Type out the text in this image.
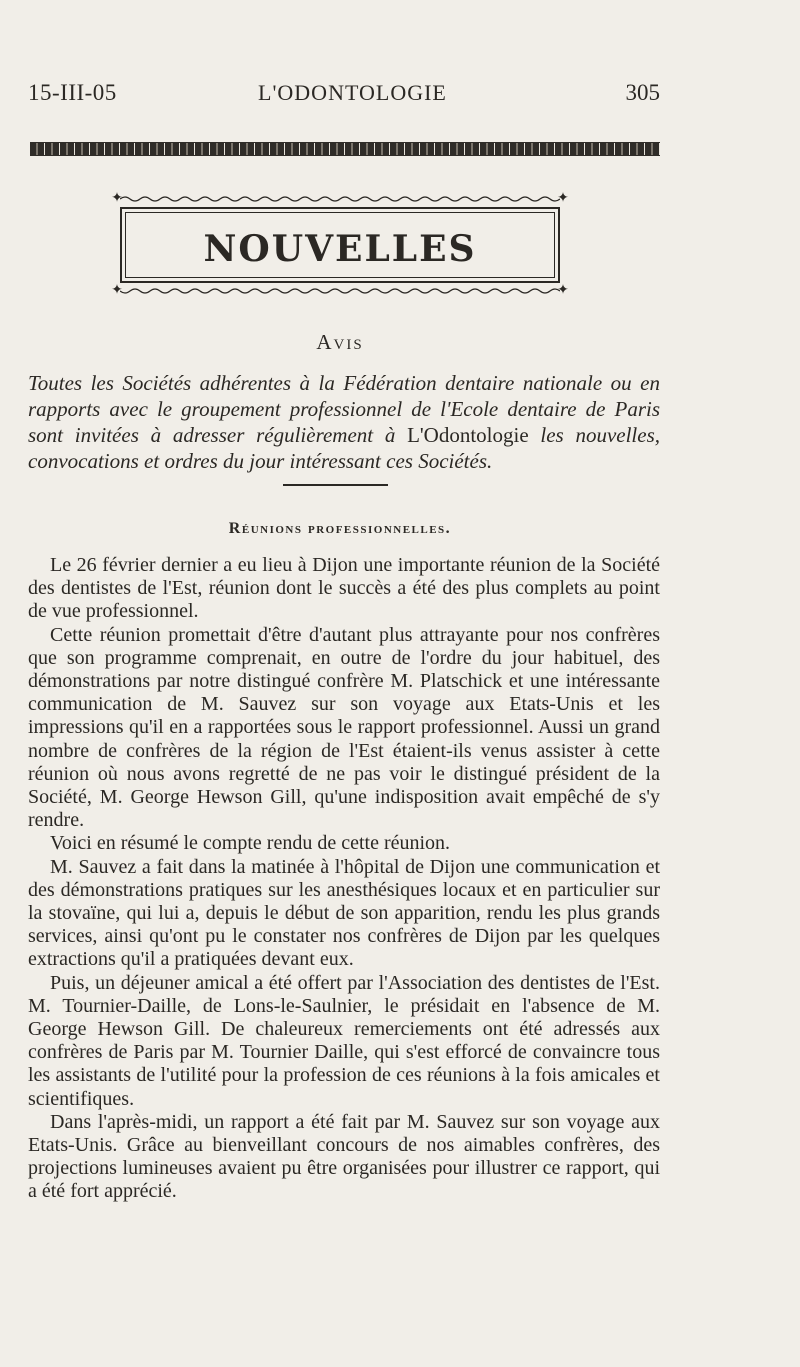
15-III-05	L'ODONTOLOGIE	305
NOUVELLES
✦	✦
✦	✦
Avis
Toutes les Sociétés adhérentes à la Fédération dentaire nationale ou en rapports avec le groupement professionnel de l'Ecole dentaire de Paris sont invitées à adresser régulièrement à L'Odontologie les nouvelles, convocations et ordres du jour intéressant ces Sociétés.
Réunions professionnelles.

Le 26 février dernier a eu lieu à Dijon une importante réunion de la Société des dentistes de l'Est, réunion dont le succès a été des plus complets au point de vue professionnel.

Cette réunion promettait d'être d'autant plus attrayante pour nos confrères que son programme comprenait, en outre de l'ordre du jour habituel, des démonstrations par notre distingué confrère M. Platschick et une intéressante communication de M. Sauvez sur son voyage aux Etats-Unis et les impressions qu'il en a rapportées sous le rapport professionnel. Aussi un grand nombre de confrères de la région de l'Est étaient-ils venus assister à cette réunion où nous avons regretté de ne pas voir le distingué président de la Société, M. George Hewson Gill, qu'une indisposition avait empêché de s'y rendre.

Voici en résumé le compte rendu de cette réunion.

M. Sauvez a fait dans la matinée à l'hôpital de Dijon une communication et des démonstrations pratiques sur les anesthésiques locaux et en particulier sur la stovaïne, qui lui a, depuis le début de son apparition, rendu les plus grands services, ainsi qu'ont pu le constater nos confrères de Dijon par les quelques extractions qu'il a pratiquées devant eux.

Puis, un déjeuner amical a été offert par l'Association des dentistes de l'Est. M. Tournier-Daille, de Lons-le-Saulnier, le présidait en l'absence de M. George Hewson Gill. De chaleureux remerciements ont été adressés aux confrères de Paris par M. Tournier Daille, qui s'est efforcé de convaincre tous les assistants de l'utilité pour la profession de ces réunions à la fois amicales et scientifiques.

Dans l'après-midi, un rapport a été fait par M. Sauvez sur son voyage aux Etats-Unis. Grâce au bienveillant concours de nos aimables confrères, des projections lumineuses avaient pu être organisées pour illustrer ce rapport, qui a été fort apprécié.
